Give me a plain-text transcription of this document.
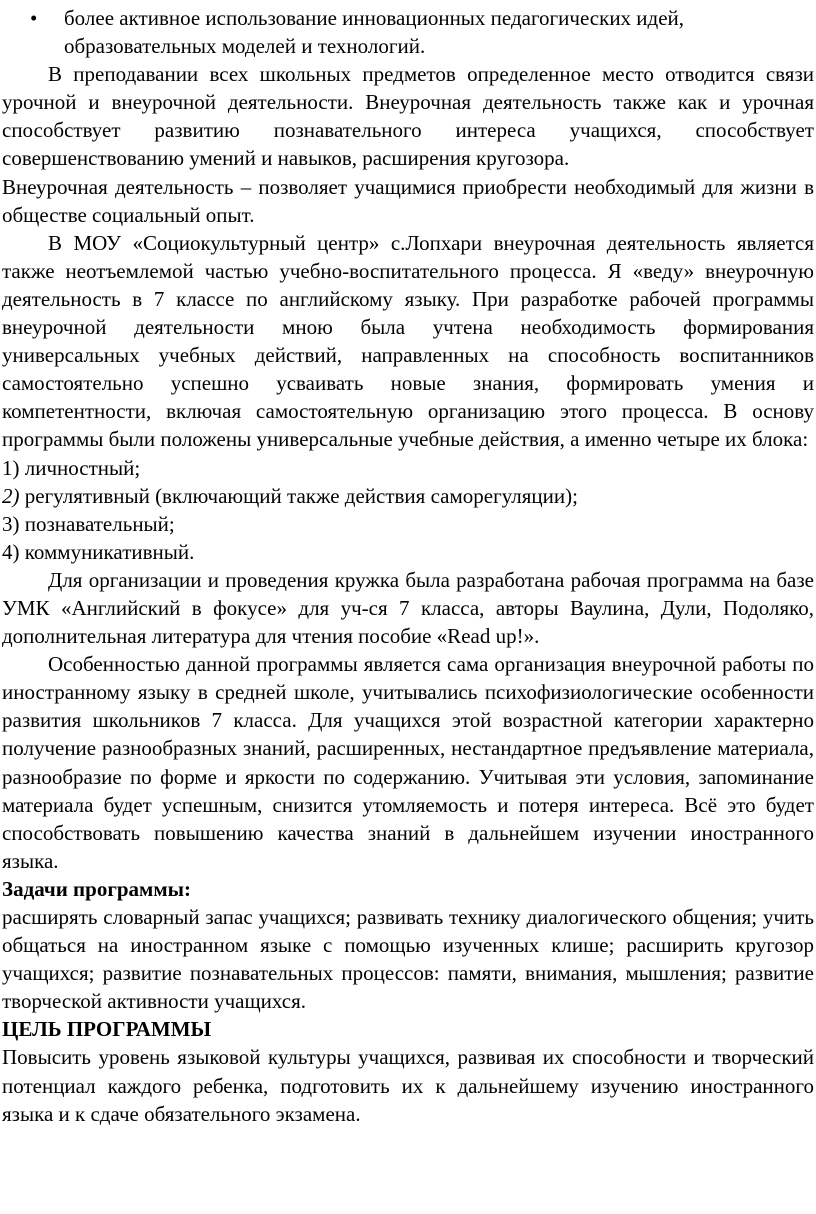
• более активное использование инновационных педагогических идей, образовательных моделей и технологий.

В преподавании всех школьных предметов определенное место отводится связи урочной и внеурочной деятельности. Внеурочная деятельность также как и урочная способствует развитию познавательного интереса учащихся, способствует совершенствованию умений и навыков, расширения кругозора.

Внеурочная деятельность – позволяет учащимися приобрести необходимый для жизни в обществе социальный опыт.

В МОУ «Социокультурный центр» с.Лопхари внеурочная деятельность является также неотъемлемой частью учебно-воспитательного процесса. Я «веду» внеурочную деятельность в 7 классе по английскому языку. При разработке рабочей программы внеурочной деятельности мною была учтена необходимость формирования универсальных учебных действий, направленных на способность воспитанников самостоятельно успешно усваивать новые знания, формировать умения и компетентности, включая самостоятельную организацию этого процесса. В основу программы были положены универсальные учебные действия, а именно четыре их блока:

1) личностный;

2) регулятивный (включающий также действия саморегуляции);

3) познавательный;

4) коммуникативный.

Для организации и проведения кружка была разработана рабочая программа на базе УМК «Английский в фокусе» для уч-ся 7 класса, авторы Ваулина, Дули, Подоляко, дополнительная литература для чтения пособие «Read up!».

Особенностью данной программы является сама организация внеурочной работы по иностранному языку в средней школе, учитывались психофизиологические особенности развития школьников 7 класса. Для учащихся этой возрастной категории характерно получение разнообразных знаний, расширенных, нестандартное предъявление материала, разнообразие по форме и яркости по содержанию. Учитывая эти условия, запоминание материала будет успешным, снизится утомляемость и потеря интереса. Всё это будет способствовать повышению качества знаний в дальнейшем изучении иностранного языка.

Задачи программы:

расширять словарный запас учащихся; развивать технику диалогического общения; учить общаться на иностранном языке с помощью изученных клише; расширить кругозор учащихся; развитие познавательных процессов: памяти, внимания, мышления; развитие творческой активности учащихся.

ЦЕЛЬ ПРОГРАММЫ

Повысить уровень языковой культуры учащихся, развивая их способности и творческий потенциал каждого ребенка, подготовить их к дальнейшему изучению иностранного языка и к сдаче обязательного экзамена.
